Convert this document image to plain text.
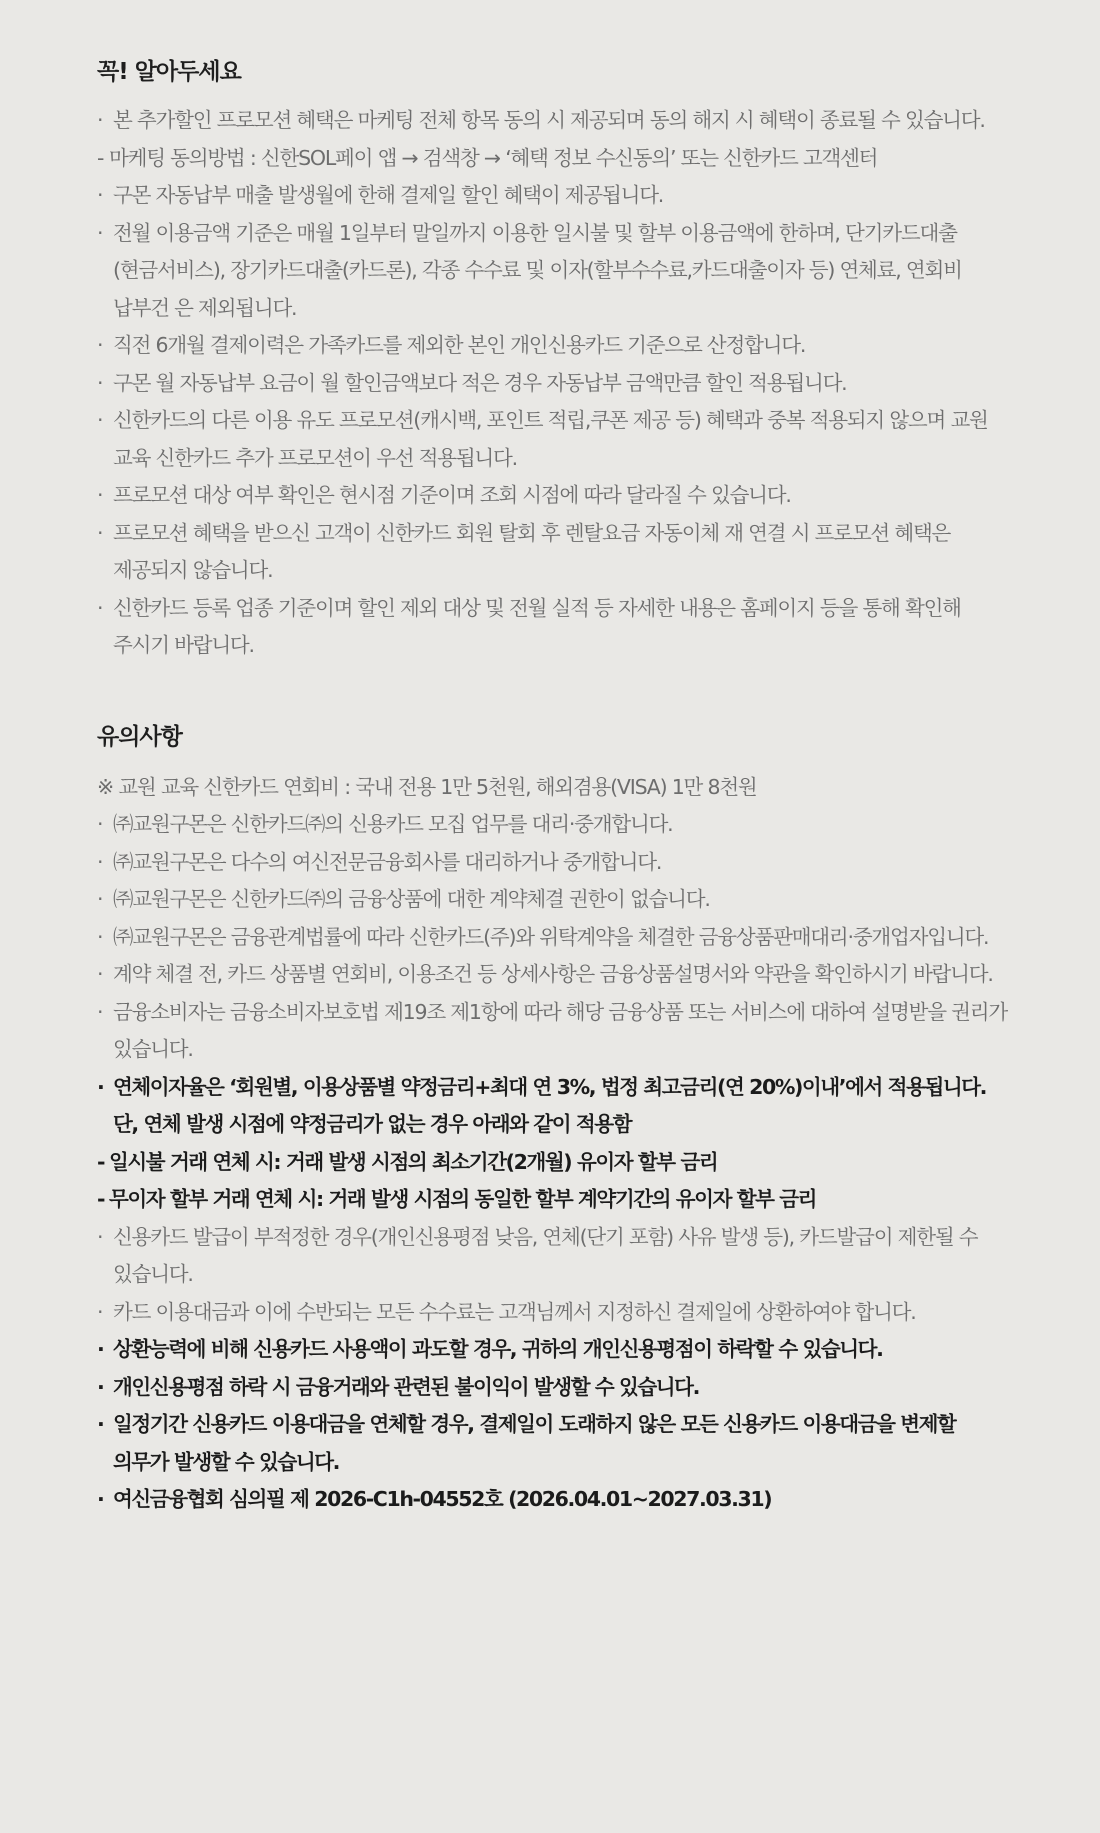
꼭! 알아두세요
· 본 추가할인 프로모션 혜택은 마케팅 전체 항목 동의 시 제공되며 동의 해지 시 혜택이 종료될 수 있습니다.
- 마케팅 동의방법 : 신한SOL페이 앱 → 검색창 → ‘혜택 정보 수신동의’ 또는 신한카드 고객센터
· 구몬 자동납부 매출 발생월에 한해 결제일 할인 혜택이 제공됩니다.
· 전월 이용금액 기준은 매월 1일부터 말일까지 이용한 일시불 및 할부 이용금액에 한하며, 단기카드대출(현금서비스), 장기카드대출(카드론), 각종 수수료 및 이자(할부수수료,카드대출이자 등) 연체료, 연회비 납부건 은 제외됩니다.
· 직전 6개월 결제이력은 가족카드를 제외한 본인 개인신용카드 기준으로 산정합니다.
· 구몬 월 자동납부 요금이 월 할인금액보다 적은 경우 자동납부 금액만큼 할인 적용됩니다.
· 신한카드의 다른 이용 유도 프로모션(캐시백, 포인트 적립,쿠폰 제공 등) 혜택과 중복 적용되지 않으며 교원 교육 신한카드 추가 프로모션이 우선 적용됩니다.
· 프로모션 대상 여부 확인은 현시점 기준이며 조회 시점에 따라 달라질 수 있습니다.
· 프로모션 혜택을 받으신 고객이 신한카드 회원 탈회 후 렌탈요금 자동이체 재 연결 시 프로모션 혜택은 제공되지 않습니다.
· 신한카드 등록 업종 기준이며 할인 제외 대상 및 전월 실적 등 자세한 내용은 홈페이지 등을 통해 확인해 주시기 바랍니다.
유의사항
※ 교원 교육 신한카드 연회비 : 국내 전용 1만 5천원, 해외겸용(VISA) 1만 8천원
· ㈜교원구몬은 신한카드㈜의 신용카드 모집 업무를 대리·중개합니다.
· ㈜교원구몬은 다수의 여신전문금융회사를 대리하거나 중개합니다.
· ㈜교원구몬은 신한카드㈜의 금융상품에 대한 계약체결 권한이 없습니다.
· ㈜교원구몬은 금융관계법률에 따라 신한카드(주)와 위탁계약을 체결한 금융상품판매대리·중개업자입니다.
· 계약 체결 전, 카드 상품별 연회비, 이용조건 등 상세사항은 금융상품설명서와 약관을 확인하시기 바랍니다.
· 금융소비자는 금융소비자보호법 제19조 제1항에 따라 해당 금융상품 또는 서비스에 대하여 설명받을 권리가 있습니다.
· 연체이자율은 ‘회원별, 이용상품별 약정금리+최대 연 3%, 법정 최고금리(연 20%)이내’에서 적용됩니다. 단, 연체 발생 시점에 약정금리가 없는 경우 아래와 같이 적용함
- 일시불 거래 연체 시: 거래 발생 시점의 최소기간(2개월) 유이자 할부 금리
- 무이자 할부 거래 연체 시: 거래 발생 시점의 동일한 할부 계약기간의 유이자 할부 금리
· 신용카드 발급이 부적정한 경우(개인신용평점 낮음, 연체(단기 포함) 사유 발생 등), 카드발급이 제한될 수 있습니다.
· 카드 이용대금과 이에 수반되는 모든 수수료는 고객님께서 지정하신 결제일에 상환하여야 합니다.
· 상환능력에 비해 신용카드 사용액이 과도할 경우, 귀하의 개인신용평점이 하락할 수 있습니다.
· 개인신용평점 하락 시 금융거래와 관련된 불이익이 발생할 수 있습니다.
· 일정기간 신용카드 이용대금을 연체할 경우, 결제일이 도래하지 않은 모든 신용카드 이용대금을 변제할 의무가 발생할 수 있습니다.
· 여신금융협회 심의필 제 2026-C1h-04552호 (2026.04.01~2027.03.31)
